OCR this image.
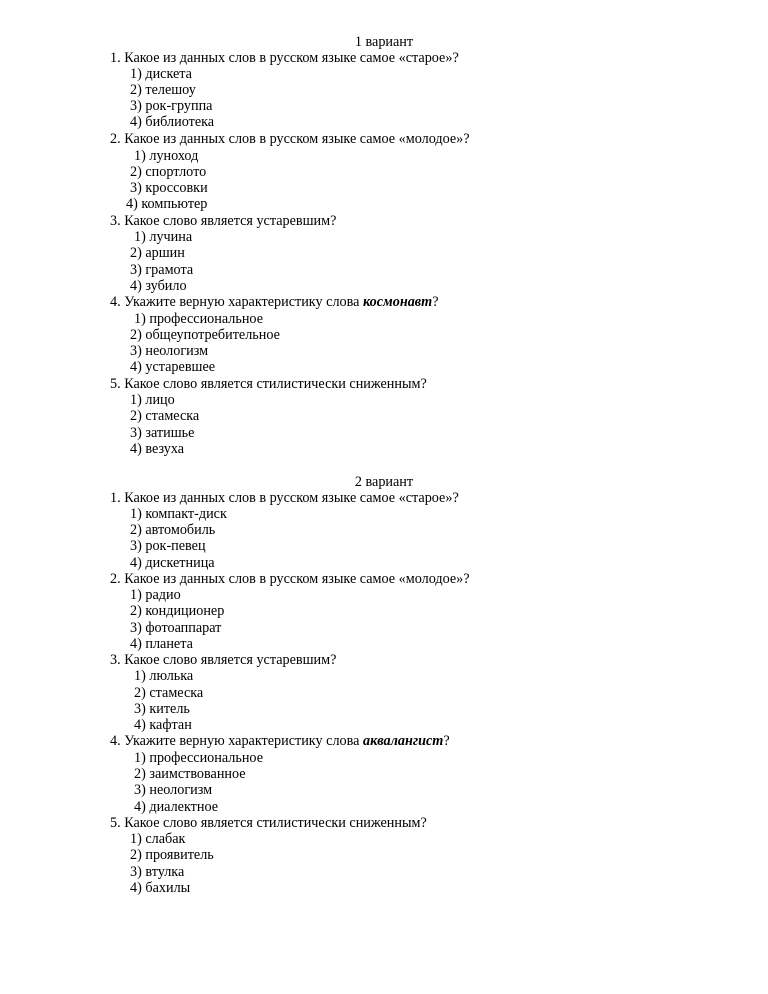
1 вариант
1. Какое из данных слов в русском языке самое «старое»?
1) дискета
2) телешоу
3) рок-группа
4) библиотека
2. Какое из данных слов в русском языке самое «молодое»?
1) луноход
2) спортлото
3) кроссовки
4) компьютер
3. Какое слово является устаревшим?
1) лучина
2) аршин
3) грамота
4) зубило
4. Укажите верную характеристику слова космонавт?
1) профессиональное
2) общеупотребительное
3) неологизм
4) устаревшее
5. Какое слово является стилистически сниженным?
1) лицо
2) стамеска
3) затишье
4) везуха
2 вариант
1. Какое из данных слов в русском языке самое «старое»?
1) компакт-диск
2) автомобиль
3) рок-певец
4) дискетница
2. Какое из данных слов в русском языке самое «молодое»?
1) радио
2) кондиционер
3) фотоаппарат
4) планета
3. Какое слово является устаревшим?
1) люлька
2) стамеска
3) китель
4) кафтан
4. Укажите верную характеристику слова аквалангист?
1) профессиональное
2) заимствованное
3) неологизм
4) диалектное
5. Какое слово является стилистически сниженным?
1) слабак
2) проявитель
3) втулка
4) бахилы
